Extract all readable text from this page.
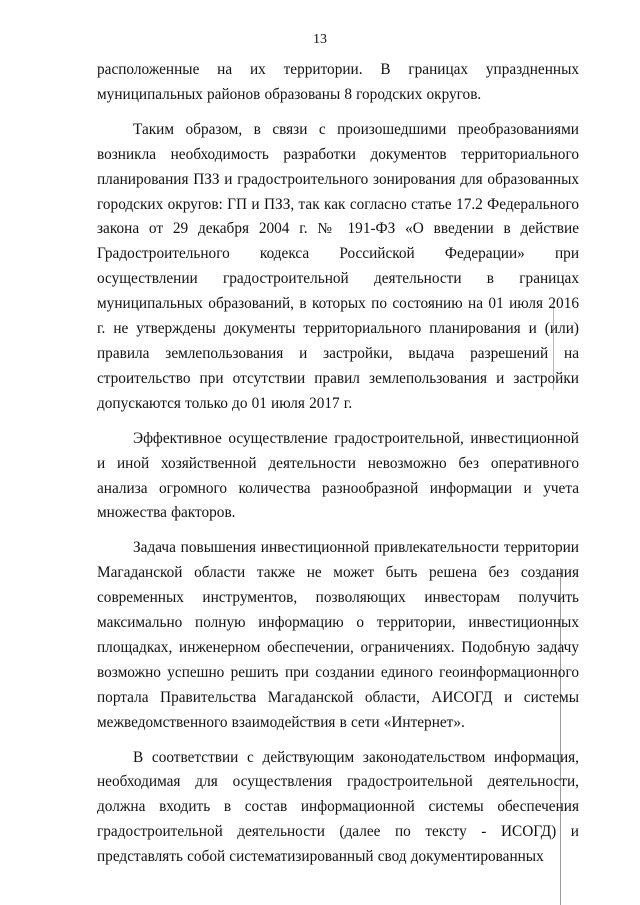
13

расположенные на их территории. В границах упраздненных муниципальных районов образованы 8 городских округов.

Таким образом, в связи с произошедшими преобразованиями возникла необходимость разработки документов территориального планирования ПЗЗ и градостроительного зонирования для образованных городских округов: ГП и ПЗЗ, так как согласно статье 17.2 Федерального закона от 29 декабря 2004 г. № 191-ФЗ «О введении в действие Градостроительного кодекса Российской Федерации» при осуществлении градостроительной деятельности в границах муниципальных образований, в которых по состоянию на 01 июля 2016 г. не утверждены документы территориального планирования и (или) правила землепользования и застройки, выдача разрешений на строительство при отсутствии правил землепользования и застройки допускаются только до 01 июля 2017 г.

Эффективное осуществление градостроительной, инвестиционной и иной хозяйственной деятельности невозможно без оперативного анализа огромного количества разнообразной информации и учета множества факторов.

Задача повышения инвестиционной привлекательности территории Магаданской области также не может быть решена без создания современных инструментов, позволяющих инвесторам получить максимально полную информацию о территории, инвестиционных площадках, инженерном обеспечении, ограничениях. Подобную задачу возможно успешно решить при создании единого геоинформационного портала Правительства Магаданской области, АИСОГД и системы межведомственного взаимодействия в сети «Интернет».

В соответствии с действующим законодательством информация, необходимая для осуществления градостроительной деятельности, должна входить в состав информационной системы обеспечения градостроительной деятельности (далее по тексту - ИСОГД) и представлять собой систематизированный свод документированных
